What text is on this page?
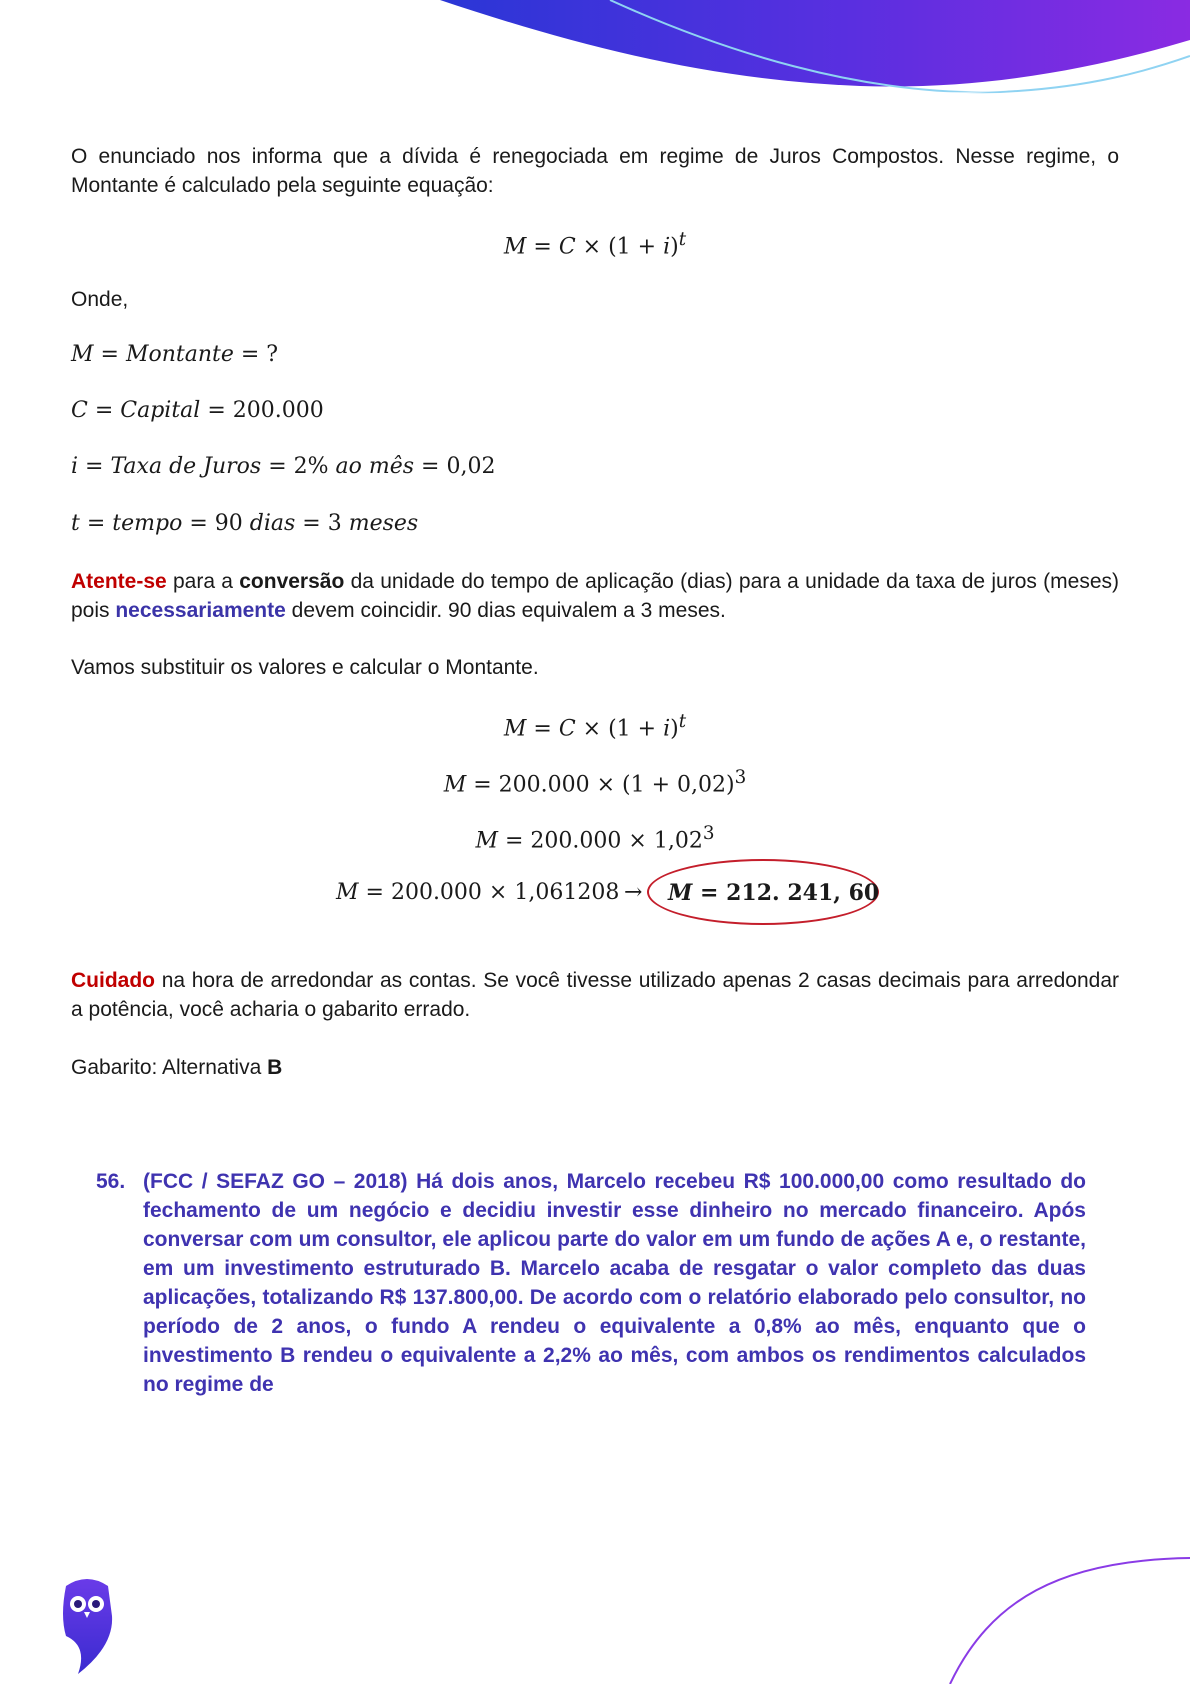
O enunciado nos informa que a dívida é renegociada em regime de Juros Compostos. Nesse regime, o Montante é calculado pela seguinte equação:

$M = C \times (1 + i)^t$

Onde,

M = Montante = ?
C = Capital = 200.000
i = Taxa de Juros = 2% ao mês = 0,02
t = tempo = 90 dias = 3 meses

Atente-se para a conversão da unidade do tempo de aplicação (dias) para a unidade da taxa de juros (meses) pois necessariamente devem coincidir. 90 dias equivalem a 3 meses.

Vamos substituir os valores e calcular o Montante.

$M = C \times (1 + i)^t$
$M = 200.000 \times (1 + 0,02)^3$
$M = 200.000 \times 1,02^3$
M = 200.000 × 1,061208 → M = 212. 241, 60

Cuidado na hora de arredondar as contas. Se você tivesse utilizado apenas 2 casas decimais para arredondar a potência, você acharia o gabarito errado.

Gabarito: Alternativa B

56. (FCC / SEFAZ GO – 2018) Há dois anos, Marcelo recebeu R$ 100.000,00 como resultado do fechamento de um negócio e decidiu investir esse dinheiro no mercado financeiro. Após conversar com um consultor, ele aplicou parte do valor em um fundo de ações A e, o restante, em um investimento estruturado B. Marcelo acaba de resgatar o valor completo das duas aplicações, totalizando R$ 137.800,00. De acordo com o relatório elaborado pelo consultor, no período de 2 anos, o fundo A rendeu o equivalente a 0,8% ao mês, enquanto que o investimento B rendeu o equivalente a 2,2% ao mês, com ambos os rendimentos calculados no regime de
